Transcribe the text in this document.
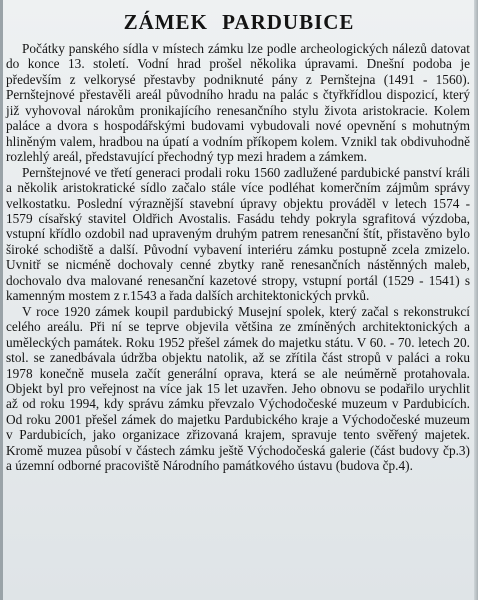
ZÁMEK PARDUBICE

Počátky panského sídla v místech zámku lze podle archeologických nálezů datovat do konce 13. století. Vodní hrad prošel několika úpravami. Dnešní podoba je především z velkorysé přestavby podniknuté pány z Pernštejna (1491 - 1560). Pernštejnové přestavěli areál původního hradu na palác s čtyřkřídlou dispozicí, který již vyhovoval nárokům pronikajícího renesančního stylu života aristokracie. Kolem paláce a dvora s hospodářskými budovami vybudovali nové opevnění s mohutným hliněným valem, hradbou na úpatí a vodním příkopem kolem. Vznikl tak obdivuhodně rozlehlý areál, představující přechodný typ mezi hradem a zámkem.

Pernštejnové ve třetí generaci prodali roku 1560 zadlužené pardubické panství králi a několik aristokratické sídlo začalo stále více podléhat komerčním zájmům správy velkostatku. Poslední výraznější stavební úpravy objektu prováděl v letech 1574 - 1579 císařský stavitel Oldřich Avostalis. Fasádu tehdy pokryla sgrafitová výzdoba, vstupní křídlo ozdobil nad upraveným druhým patrem renesanční štít, přistavěno bylo široké schodiště a další. Původní vybavení interiéru zámku postupně zcela zmizelo. Uvnitř se nicméně dochovaly cenné zbytky raně renesančních nástěnných maleb, dochovalo dva malované renesanční kazetové stropy, vstupní portál (1529 - 1541) s kamenným mostem z r.1543 a řada dalších architektonických prvků.

V roce 1920 zámek koupil pardubický Musejní spolek, který začal s rekonstrukcí celého areálu. Při ní se teprve objevila většina ze zmíněných architektonických a uměleckých památek. Roku 1952 přešel zámek do majetku státu. V 60. - 70. letech 20. stol. se zanedbávala údržba objektu natolik, až se zřítila část stropů v paláci a roku 1978 konečně musela začít generální oprava, která se ale neúměrně protahovala. Objekt byl pro veřejnost na více jak 15 let uzavřen. Jeho obnovu se podařilo urychlit až od roku 1994, kdy správu zámku převzalo Východočeské muzeum v Pardubicích. Od roku 2001 přešel zámek do majetku Pardubického kraje a Východočeské muzeum v Pardubicích, jako organizace zřizovaná krajem, spravuje tento svěřený majetek. Kromě muzea působí v částech zámku ještě Východočeská galerie (část budovy čp.3) a územní odborné pracoviště Národního památkového ústavu (budova čp.4).
